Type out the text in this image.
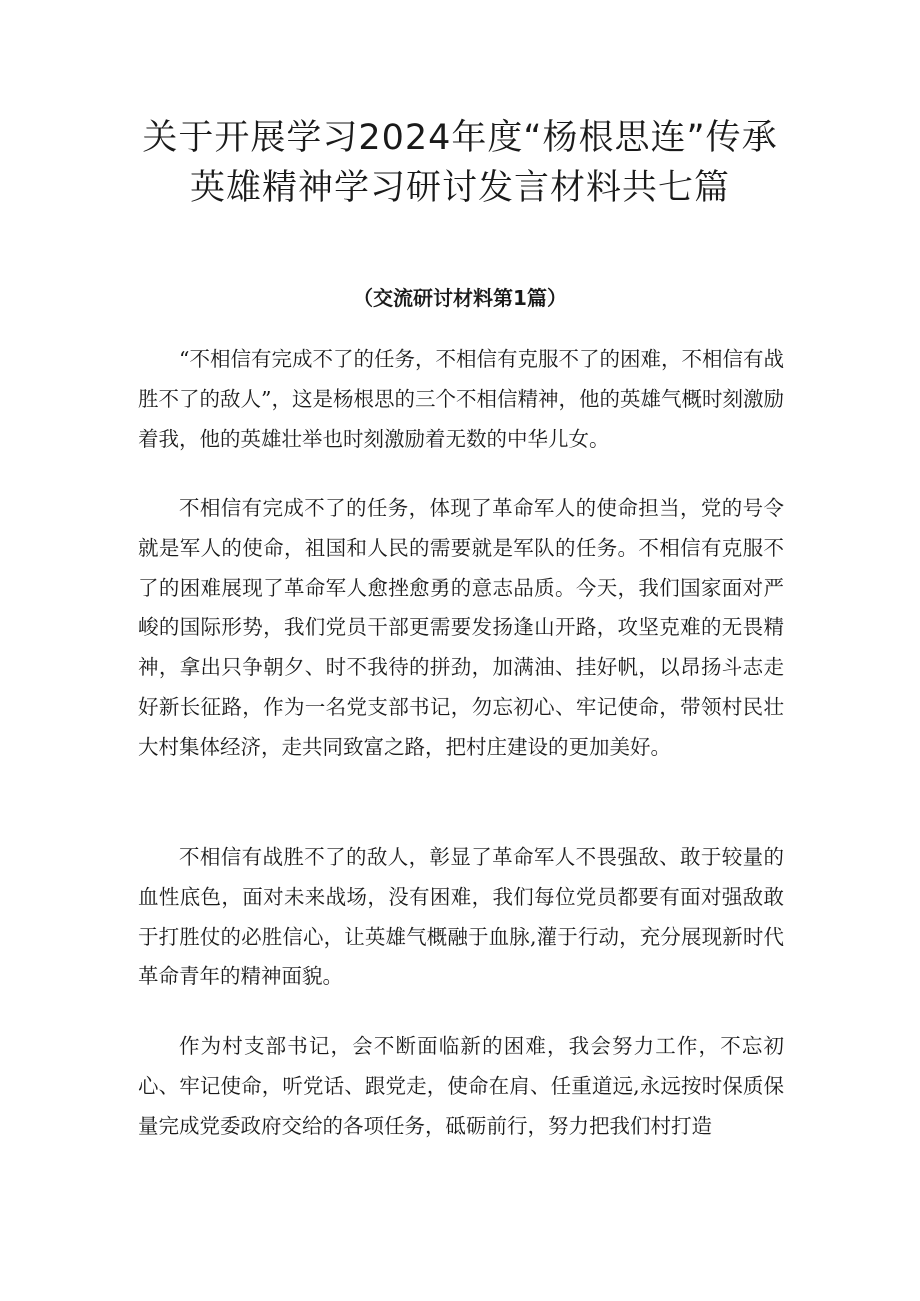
关于开展学习2024年度“杨根思连”传承
英雄精神学习研讨发言材料共七篇
（交流研讨材料第1篇）

“不相信有完成不了的任务，不相信有克服不了的困难，不相信有战胜不了的敌人”，这是杨根思的三个不相信精神，他的英雄气概时刻激励着我，他的英雄壮举也时刻激励着无数的中华儿女。

不相信有完成不了的任务，体现了革命军人的使命担当，党的号令就是军人的使命，祖国和人民的需要就是军队的任务。不相信有克服不了的困难展现了革命军人愈挫愈勇的意志品质。今天，我们国家面对严峻的国际形势，我们党员干部更需要发扬逢山开路，攻坚克难的无畏精神，拿出只争朝夕、时不我待的拼劲，加满油、挂好帆，以昂扬斗志走好新长征路，作为一名党支部书记，勿忘初心、牢记使命，带领村民壮大村集体经济，走共同致富之路，把村庄建设的更加美好。

不相信有战胜不了的敌人，彰显了革命军人不畏强敌、敢于较量的血性底色，面对未来战场，没有困难，我们每位党员都要有面对强敌敢于打胜仗的必胜信心，让英雄气概融于血脉,灌于行动，充分展现新时代革命青年的精神面貌。

作为村支部书记，会不断面临新的困难，我会努力工作，不忘初心、牢记使命，听党话、跟党走，使命在肩、任重道远,永远按时保质保量完成党委政府交给的各项任务，砥砺前行，努力把我们村打造
